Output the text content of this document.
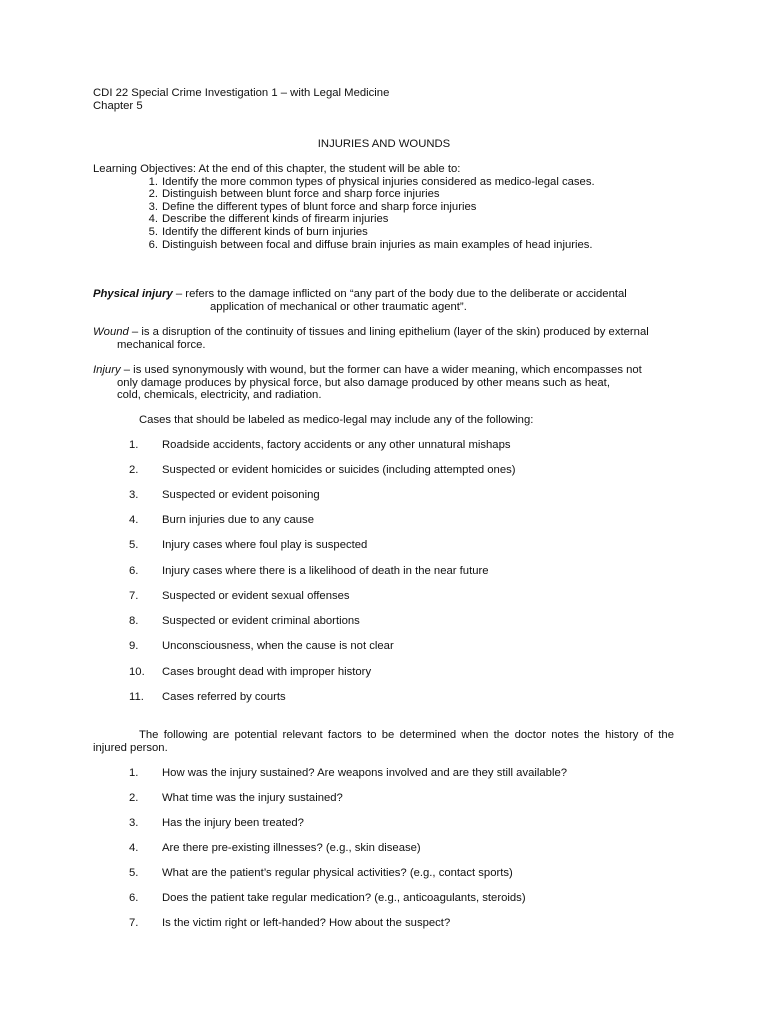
CDI 22 Special Crime Investigation 1 – with Legal Medicine
Chapter 5
INJURIES AND WOUNDS
Learning Objectives: At the end of this chapter, the student will be able to:
1. Identify the more common types of physical injuries considered as medico-legal cases.
2. Distinguish between blunt force and sharp force injuries
3. Define the different types of blunt force and sharp force injuries
4. Describe the different kinds of firearm injuries
5. Identify the different kinds of burn injuries
6. Distinguish between focal and diffuse brain injuries as main examples of head injuries.
Physical injury – refers to the damage inflicted on “any part of the body due to the deliberate or accidental
application of mechanical or other traumatic agent”.
Wound – is a disruption of the continuity of tissues and lining epithelium (layer of the skin) produced by external
mechanical force.
Injury – is used synonymously with wound, but the former can have a wider meaning, which encompasses not
only damage produces by physical force, but also damage produced by other means such as heat,
cold, chemicals, electricity, and radiation.
Cases that should be labeled as medico-legal may include any of the following:
1.	Roadside accidents, factory accidents or any other unnatural mishaps
2.	Suspected or evident homicides or suicides (including attempted ones)
3.	Suspected or evident poisoning
4.	Burn injuries due to any cause
5.	Injury cases where foul play is suspected
6.	Injury cases where there is a likelihood of death in the near future
7.	Suspected or evident sexual offenses
8.	Suspected or evident criminal abortions
9.	Unconsciousness, when the cause is not clear
10.	Cases brought dead with improper history
11.	Cases referred by courts
The following are potential relevant factors to be determined when the doctor notes the history of the injured person.
1.	How was the injury sustained? Are weapons involved and are they still available?
2.	What time was the injury sustained?
3.	Has the injury been treated?
4.	Are there pre-existing illnesses? (e.g., skin disease)
5.	What are the patient’s regular physical activities? (e.g., contact sports)
6.	Does the patient take regular medication? (e.g., anticoagulants, steroids)
7.	Is the victim right or left-handed? How about the suspect?
